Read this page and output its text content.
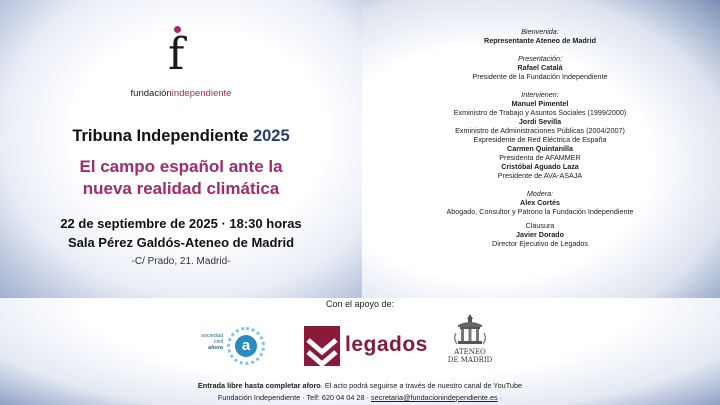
f
fundaciónindependiente
Tribuna Independiente 2025
El campo español ante la
nueva realidad climática
22 de septiembre de 2025 · 18:30 horas
Sala Pérez Galdós-Ateneo de Madrid
-C/ Prado, 21. Madrid-
Bienvenida:
Representante Ateneo de Madrid
Presentación:
Rafael Catalá
Presidente de la Fundación Independiente
Intervienen:
Manuel Pimentel
Exministro de Trabajo y Asuntos Sociales (1999/2000)
Jordi Sevilla
Exministro de Administraciones Públicas (2004/2007)
Expresidente de Red Eléctrica de España
Carmen Quintanilla
Presidenta de AFAMMER
Cristóbal Aguado Laza
Presidente de AVA-ASAJA
Modera:
Alex Cortés
Abogado, Consultor y Patrono la Fundación Independiente
Clausura
Javier Dorado
Director Ejecutivo de Legados
Con el apoyo de:
sociedad
civil
ahora	a	legados	ATENEO
DE MADRID
Entrada libre hasta completar aforo. El acto podrá seguirse a través de nuestro canal de YouTube
Fundación Independiente · Telf: 620 04 04 28 · secretaria@fundacionindependiente.es ·
